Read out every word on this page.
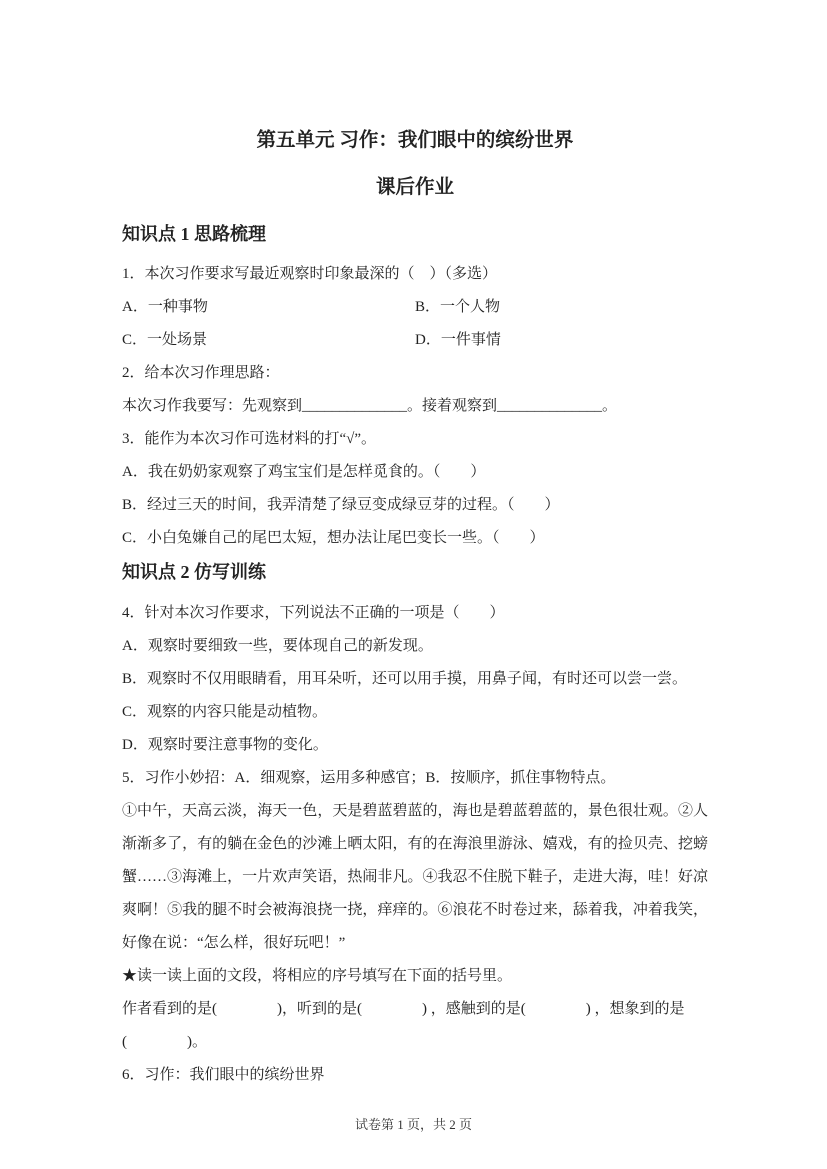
第五单元 习作：我们眼中的缤纷世界

课后作业

知识点 1 思路梳理

1．本次习作要求写最近观察时印象最深的（　）（多选）

A．一种事物	B．一个人物

C．一处场景	D．一件事情

2．给本次习作理思路：

本次习作我要写：先观察到______________。接着观察到______________。

3．能作为本次习作可选材料的打“√”。

A．我在奶奶家观察了鸡宝宝们是怎样觅食的。（　　）

B．经过三天的时间，我弄清楚了绿豆变成绿豆芽的过程。（　　）

C．小白兔嫌自己的尾巴太短，想办法让尾巴变长一些。（　　）

知识点 2 仿写训练

4．针对本次习作要求，下列说法不正确的一项是（　　）

A．观察时要细致一些，要体现自己的新发现。

B．观察时不仅用眼睛看，用耳朵听，还可以用手摸，用鼻子闻，有时还可以尝一尝。

C．观察的内容只能是动植物。

D．观察时要注意事物的变化。

5．习作小妙招：A．细观察，运用多种感官；B．按顺序，抓住事物特点。

①中午，天高云淡，海天一色，天是碧蓝碧蓝的，海也是碧蓝碧蓝的，景色很壮观。②人渐渐多了，有的躺在金色的沙滩上晒太阳，有的在海浪里游泳、嬉戏，有的捡贝壳、挖螃蟹……③海滩上，一片欢声笑语，热闹非凡。④我忍不住脱下鞋子，走进大海，哇！好凉爽啊！⑤我的腿不时会被海浪挠一挠，痒痒的。⑥浪花不时卷过来，舔着我，冲着我笑，好像在说：“怎么样，很好玩吧！”

★读一读上面的文段，将相应的序号填写在下面的括号里。

作者看到的是(　　　　)，听到的是(　　　　) ，感触到的是(　　　　) ，想象到的是

(　　　　)。

6．习作：我们眼中的缤纷世界

试卷第 1 页，共 2 页
